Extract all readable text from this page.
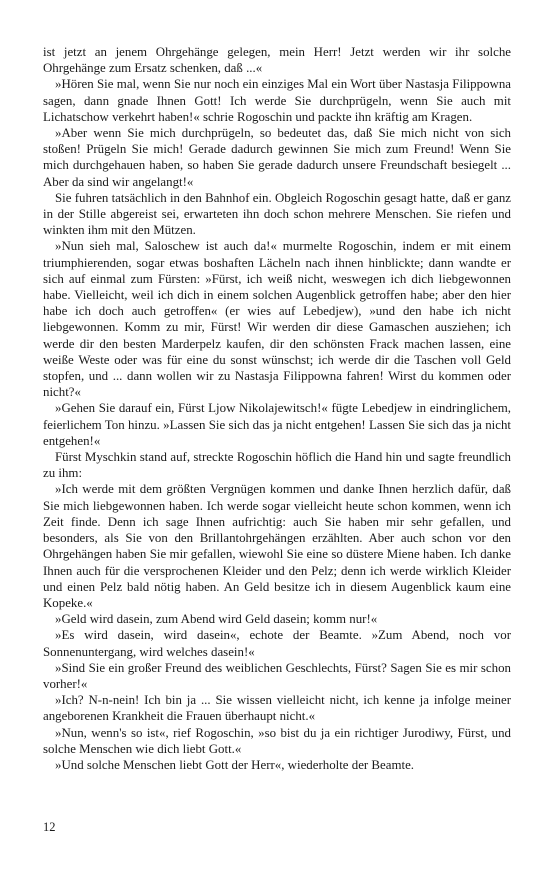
ist jetzt an jenem Ohrgehänge gelegen, mein Herr! Jetzt werden wir ihr solche Ohrgehänge zum Ersatz schenken, daß ...«

»Hören Sie mal, wenn Sie nur noch ein einziges Mal ein Wort über Nastasja Filippowna sagen, dann gnade Ihnen Gott! Ich werde Sie durchprügeln, wenn Sie auch mit Lichatschow verkehrt haben!« schrie Rogoschin und packte ihn kräftig am Kragen.

»Aber wenn Sie mich durchprügeln, so bedeutet das, daß Sie mich nicht von sich stoßen! Prügeln Sie mich! Gerade dadurch gewinnen Sie mich zum Freund! Wenn Sie mich durchgehauen haben, so haben Sie gerade dadurch unsere Freundschaft besiegelt ... Aber da sind wir angelangt!«

Sie fuhren tatsächlich in den Bahnhof ein. Obgleich Rogoschin gesagt hatte, daß er ganz in der Stille abgereist sei, erwarteten ihn doch schon mehrere Menschen. Sie riefen und winkten ihm mit den Mützen.

»Nun sieh mal, Saloschew ist auch da!« murmelte Rogoschin, indem er mit einem triumphierenden, sogar etwas boshaften Lächeln nach ihnen hinblickte; dann wandte er sich auf einmal zum Fürsten: »Fürst, ich weiß nicht, weswegen ich dich liebgewonnen habe. Vielleicht, weil ich dich in einem solchen Augenblick getroffen habe; aber den hier habe ich doch auch getroffen« (er wies auf Lebedjew), »und den habe ich nicht liebgewonnen. Komm zu mir, Fürst! Wir werden dir diese Gamaschen ausziehen; ich werde dir den besten Marderpelz kaufen, dir den schönsten Frack machen lassen, eine weiße Weste oder was für eine du sonst wünschst; ich werde dir die Taschen voll Geld stopfen, und ... dann wollen wir zu Nastasja Filippowna fahren! Wirst du kommen oder nicht?«

»Gehen Sie darauf ein, Fürst Ljow Nikolajewitsch!« fügte Lebedjew in eindringlichem, feierlichem Ton hinzu. »Lassen Sie sich das ja nicht entgehen! Lassen Sie sich das ja nicht entgehen!«

Fürst Myschkin stand auf, streckte Rogoschin höflich die Hand hin und sagte freundlich zu ihm:

»Ich werde mit dem größten Vergnügen kommen und danke Ihnen herzlich dafür, daß Sie mich liebgewonnen haben. Ich werde sogar vielleicht heute schon kommen, wenn ich Zeit finde. Denn ich sage Ihnen aufrichtig: auch Sie haben mir sehr gefallen, und besonders, als Sie von den Brillantohrgehängen erzählten. Aber auch schon vor den Ohrgehängen haben Sie mir gefallen, wiewohl Sie eine so düstere Miene haben. Ich danke Ihnen auch für die versprochenen Kleider und den Pelz; denn ich werde wirklich Kleider und einen Pelz bald nötig haben. An Geld besitze ich in diesem Augenblick kaum eine Kopeke.«

»Geld wird dasein, zum Abend wird Geld dasein; komm nur!«

»Es wird dasein, wird dasein«, echote der Beamte. »Zum Abend, noch vor Sonnenuntergang, wird welches dasein!«

»Sind Sie ein großer Freund des weiblichen Geschlechts, Fürst? Sagen Sie es mir schon vorher!«

»Ich? N-n-nein! Ich bin ja ... Sie wissen vielleicht nicht, ich kenne ja infolge meiner angeborenen Krankheit die Frauen überhaupt nicht.«

»Nun, wenn's so ist«, rief Rogoschin, »so bist du ja ein richtiger Jurodiwy, Fürst, und solche Menschen wie dich liebt Gott.«

»Und solche Menschen liebt Gott der Herr«, wiederholte der Beamte.

12
